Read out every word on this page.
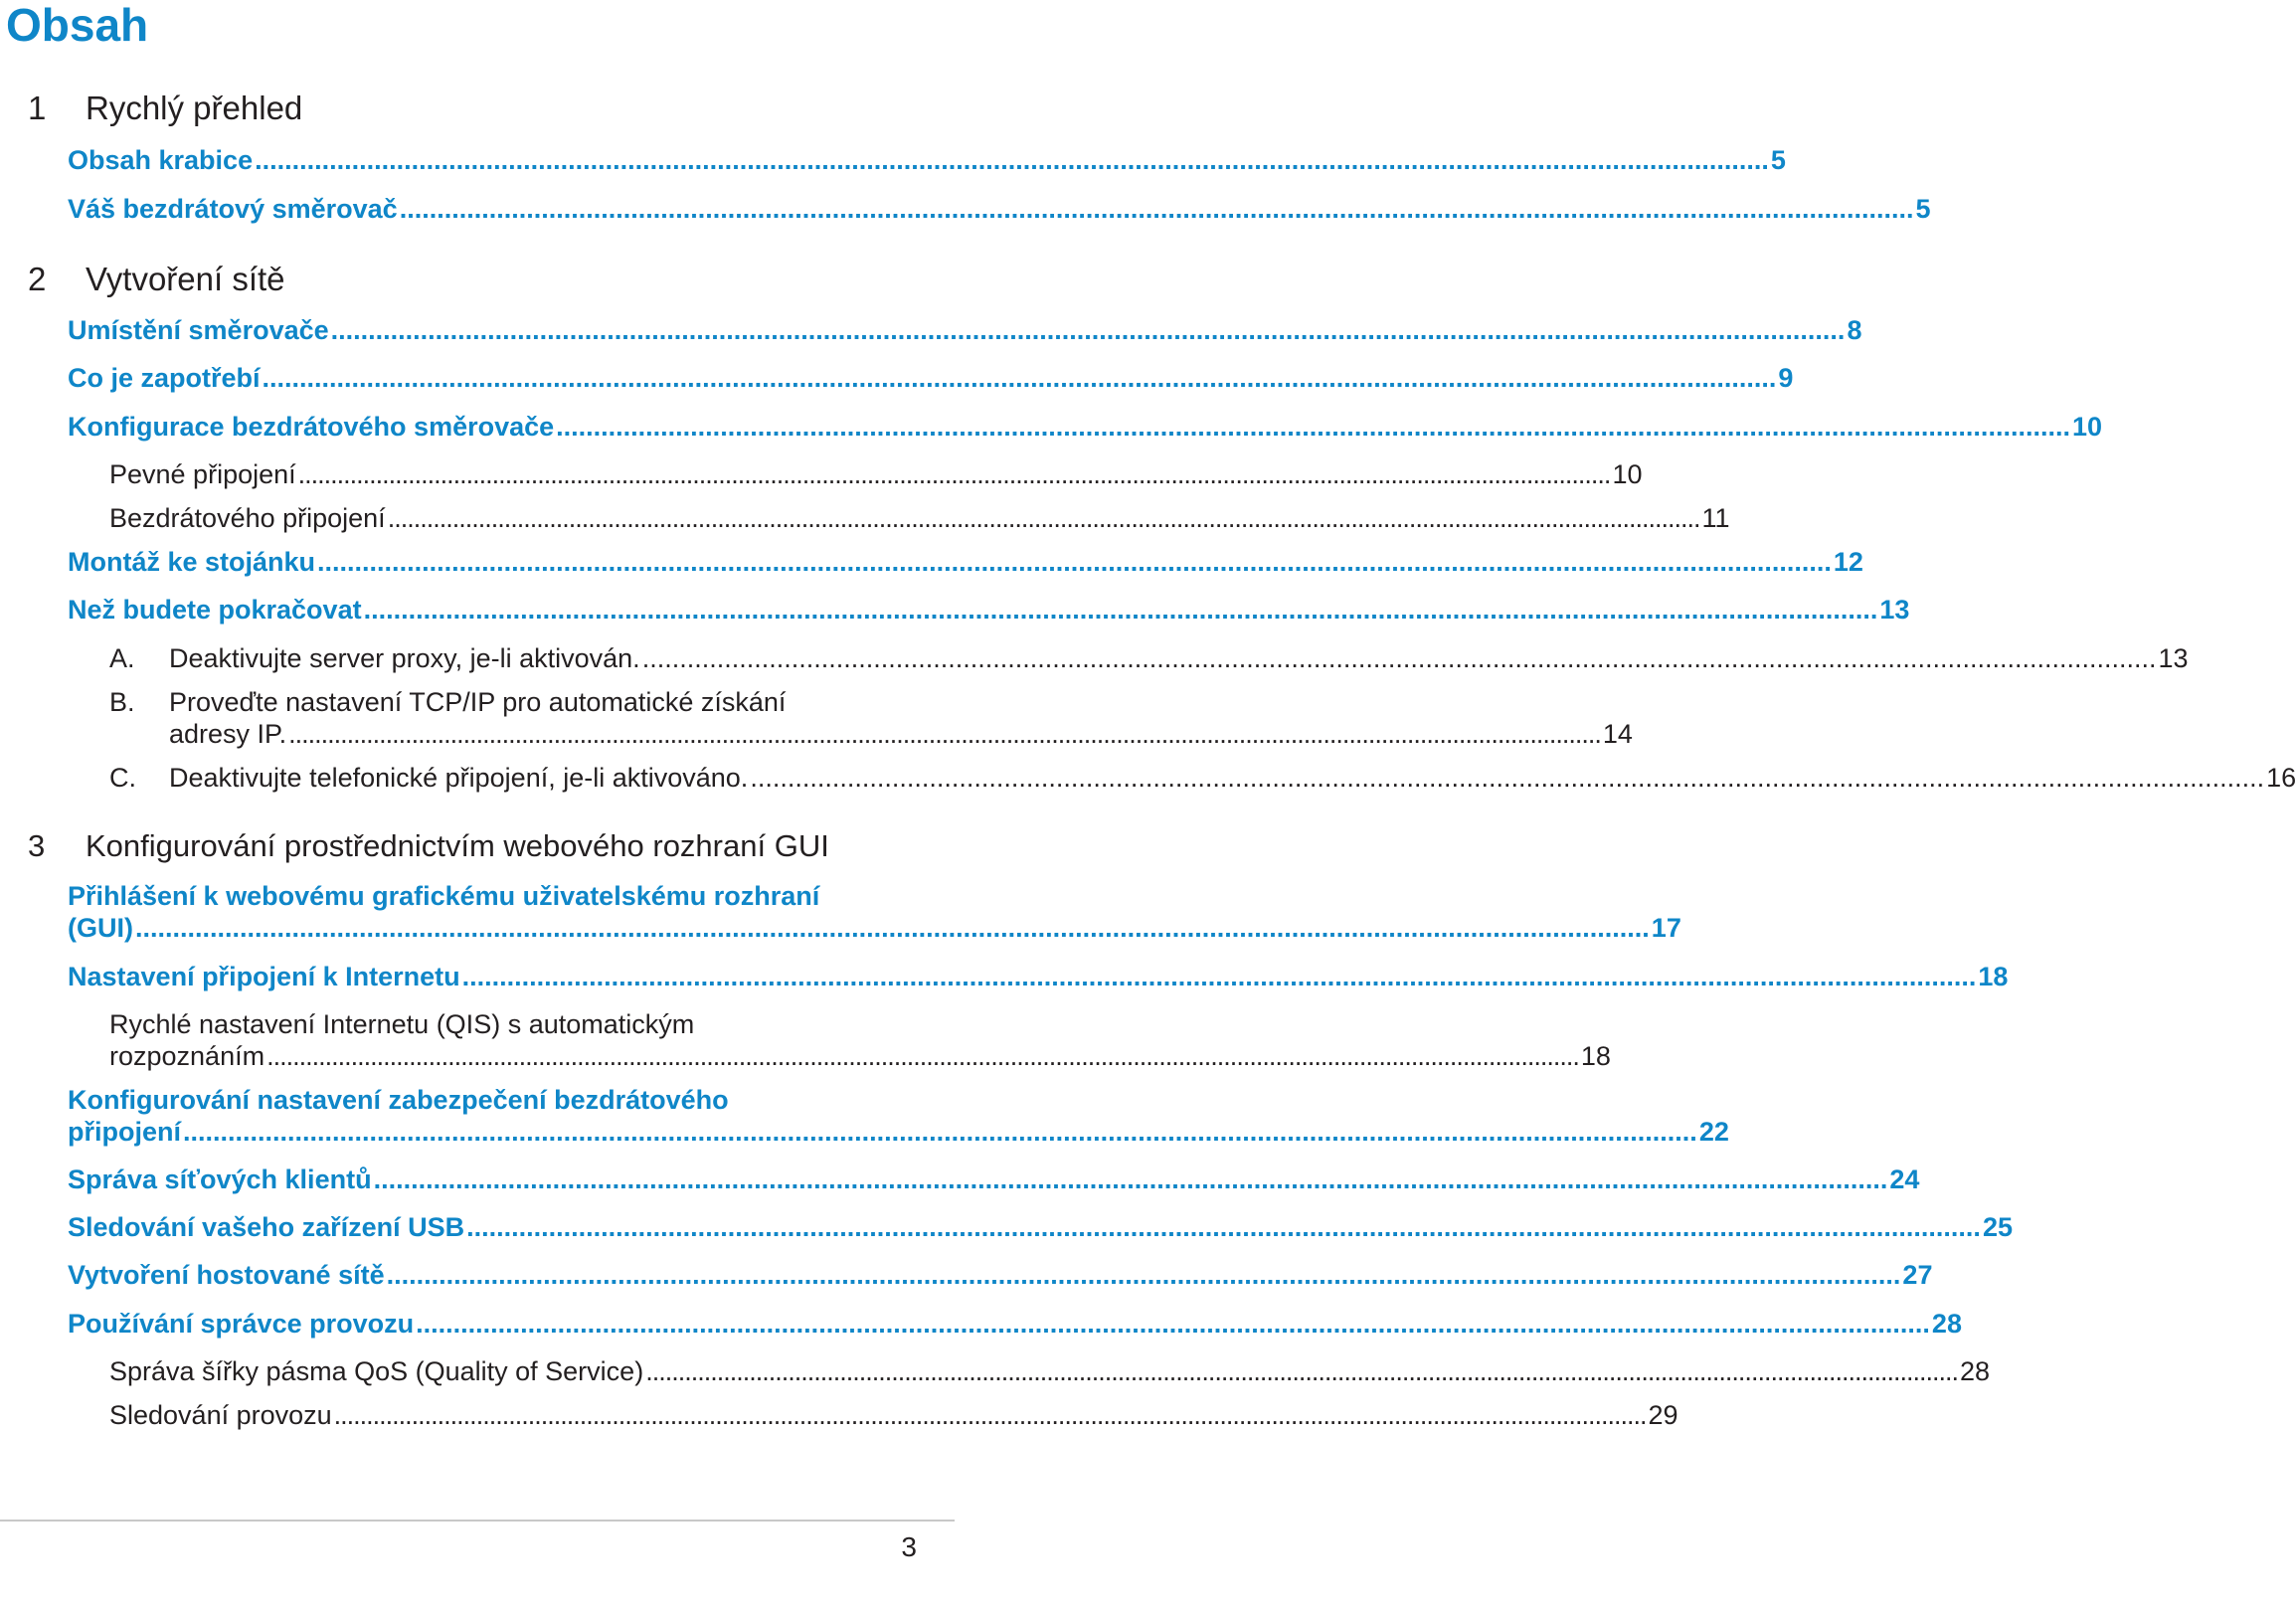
Obsah
1 Rychlý přehled
Obsah krabice .....	5
Váš bezdrátový směrovač .....	5
2 Vytvoření sítě
Umístění směrovače .....	8
Co je zapotřebí .....	9
Konfigurace bezdrátového směrovače .....	10
Pevné připojení .....	10
Bezdrátového připojení .....	11
Montáž ke stojánku .....	12
Než budete pokračovat .....	13
A. Deaktivujte server proxy, je-li aktivován. .....	13
B. Proveďte nastavení TCP/IP pro automatické získání
adresy IP. .....	14
C. Deaktivujte telefonické připojení, je-li aktivováno. .....	16
3 Konfigurování prostřednictvím webového rozhraní GUI
Přihlášení k webovému grafickému uživatelskému rozhraní
(GUI) .....	17
Nastavení připojení k Internetu .....	18
Rychlé nastavení Internetu (QIS) s automatickým
rozpoznáním .....	18
Konfigurování nastavení zabezpečení bezdrátového
připojení .....	22
Správa síťových klientů .....	24
Sledování vašeho zařízení USB .....	25
Vytvoření hostované sítě .....	27
Používání správce provozu .....	28
Správa šířky pásma QoS (Quality of Service) .....	28
Sledování provozu .....	29
3
